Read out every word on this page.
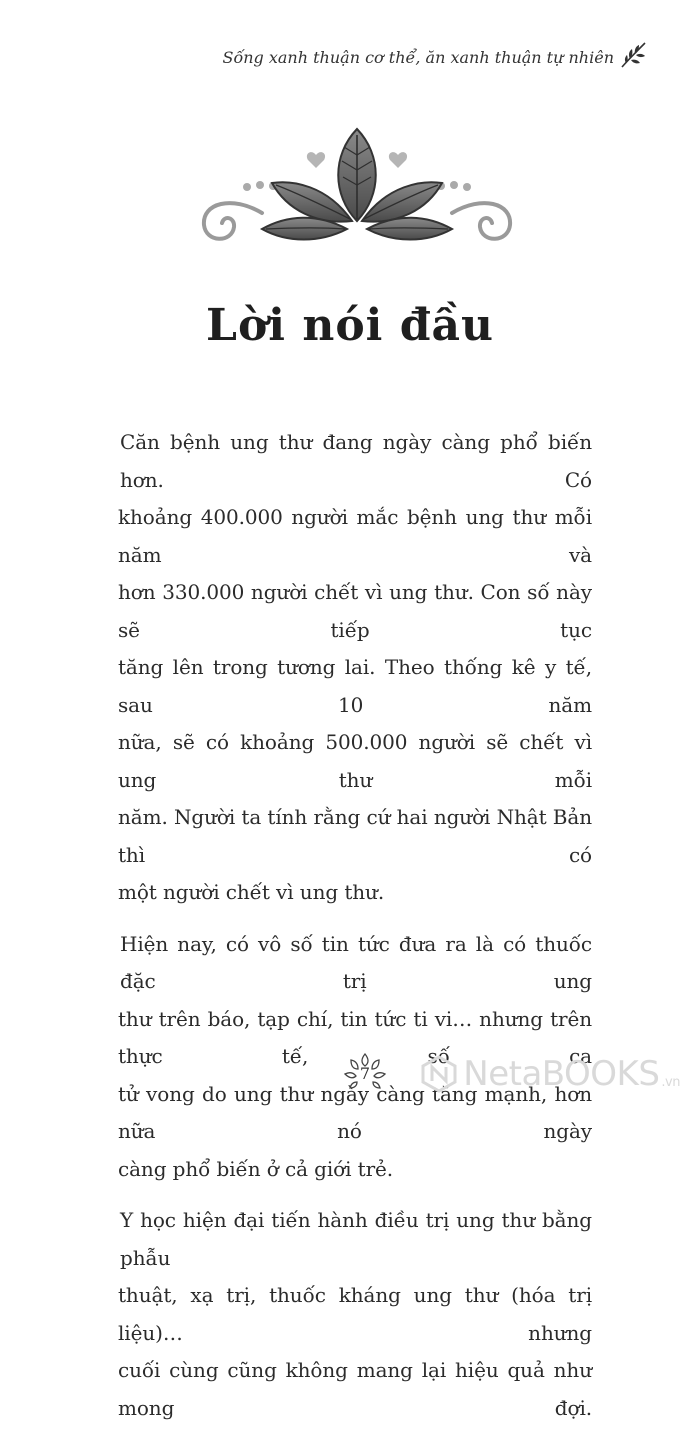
Sống xanh thuận cơ thể, ăn xanh thuận tự nhiên
Lời nói đầu

Căn bệnh ung thư đang ngày càng phổ biến hơn. Có
khoảng 400.000 người mắc bệnh ung thư mỗi năm và
hơn 330.000 người chết vì ung thư. Con số này sẽ tiếp tục
tăng lên trong tương lai. Theo thống kê y tế, sau 10 năm
nữa, sẽ có khoảng 500.000 người sẽ chết vì ung thư mỗi
năm. Người ta tính rằng cứ hai người Nhật Bản thì có
một người chết vì ung thư.

Hiện nay, có vô số tin tức đưa ra là có thuốc đặc trị ung
thư trên báo, tạp chí, tin tức ti vi… nhưng trên thực tế, số ca
tử vong do ung thư ngày càng tăng mạnh, hơn nữa nó ngày
càng phổ biến ở cả giới trẻ.

Y học hiện đại tiến hành điều trị ung thư bằng phẫu
thuật, xạ trị, thuốc kháng ung thư (hóa trị liệu)… nhưng
cuối cùng cũng không mang lại hiệu quả như mong đợi.

7	NetaBOOKS .vn
